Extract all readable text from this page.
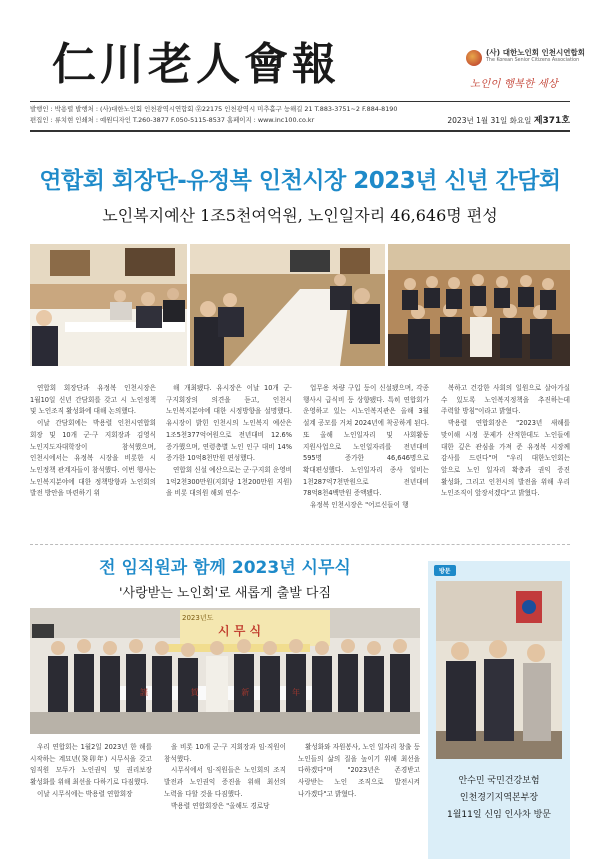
仁川老人會報	(사) 대한노인회 인천시연합회
The Korean Senior Citizens Association
노인이 행복한 세상
발행인 : 박용렬 발행처 : (사)대한노인회 인천광역시연합회 ㉾22175 인천광역시 미추홀구 능해길 21 T.883-3751~2 F.884-8190
편집인 : 류치현 인쇄처 : 예원디자인 T.260-3877 F.050-5115-8537 홈페이지 : www.inc100.co.kr	2023년 1월 31일 화요일 제371호
연합회 회장단-유정복 인천시장 2023년 신년 간담회
노인복지예산 1조5천여억원, 노인일자리 46,646명 편성

연합회 회장단과 유정복 인천시장은 1월10일 신년 간담회를 갖고 시 노인정책 및 노인조직 활성화에 대해 논의했다.

이날 간담회에는 박용렬 인천시연합회 회장 및 10개 군·구 지회장과 김영식 노인지도자대학장이 참석했으며, 인천시에서는 유정복 시장을 비롯한 시 노인정책 관계자들이 참석했다. 이번 행사는 노인복지분야에 대한 정책방향과 노인회의 발전 방안을 마련하기 위

해 개최됐다. 유시장은 이날 10개 군·구지회장의 의견을 듣고, 인천시 노인복지분야에 대한 시정방향을 설명했다. 유시장이 밝힌 인천시의 노인복지 예산은 1조5천377억여원으로 전년대비 12.6% 증가했으며, 연령층별 노인 인구 대비 14% 증가한 10억8천만원 편성했다.

연합회 신설 예산으로는 군·구지회 운영비 1억2천300만원(지회당 1천200만원 지원)을 비롯 대의원 해외 연수·

업무용 차량 구입 등이 신설됐으며, 각종 행사시 급식비 등 상향됐다. 특히 연합회가 운영하고 있는 시노인복지관은 올해 3월 설계 공모를 거쳐 2024년에 착공하게 된다. 또 올해 노인일자리 및 사회활동 지원사업으로 노인일자리를 전년대비 595명 증가한 46,646명으로 확대편성했다. 노인일자리 종사 일비는 1천287억7천만원으로 전년대비 78억8천4백만원 증액됐다.

유정복 인천시장은 "어르신들이 행

복하고 건강한 사회의 일원으로 살아가실 수 있도록 노인복지정책을 추진하는데 주력할 방침"이라고 밝혔다.

박용렬 연합회장은 "2023년 새해를 맞이해 시정 문제가 산적한데도 노인들에 대한 깊은 관심을 가져 준 유정복 시장께 감사를 드린다"며 "우리 대한노인회는 앞으로 노인 일자리 확충과 권익 증진 활성화, 그리고 인천시의 발전을 위해 우리 노인조직이 앞장서겠다"고 밝혔다.

전 임직원과 함께 2023년 시무식
'사랑받는 노인회'로 새롭게 출발 다짐
2023년도
시 무 식
謹	賀	新	年

우리 연합회는 1월2일 2023년 한 해를 시작하는 계묘년(癸卯年) 시무식을 갖고 임직원 모두가 노인권익 및 권리보장 활성화를 위해 최선을 다하기로 다짐했다.

이날 시무식에는 박용렬 연합회장

을 비롯 10개 군·구 지회장과 임·직원이 참석했다.

시무식에서 임·직원들은 노인회의 조직 발전과 노인권익 증진을 위해 최선의 노력을 다할 것을 다짐했다.

박용렬 연합회장은 "올해도 경로당

활성화와 자원봉사, 노인 일자리 창출 등 노인들의 삶의 질을 높이기 위해 최선을 다하겠다"며 "2023년은 존경받고 사랑받는 노인 조직으로 발전시켜 나가겠다"고 밝혔다.

방문
안수민 국민건강보험
인천경기지역본부장
1월11일 신임 인사차 방문
